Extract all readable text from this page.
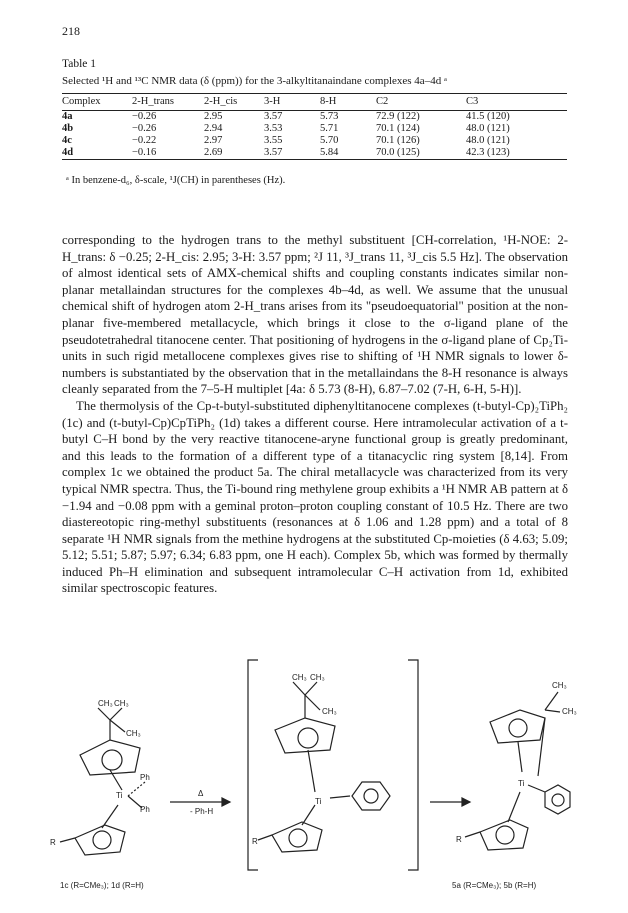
218
Table 1
Selected ¹H and ¹³C NMR data (δ (ppm)) for the 3-alkyltitanaindane complexes 4a–4d ᵃ
Complex	2-H_trans	2-H_cis	3-H	8-H	C2	C3
4a	−0.26	2.95	3.57	5.73	72.9 (122)	41.5 (120)
4b	−0.26	2.94	3.53	5.71	70.1 (124)	48.0 (121)
4c	−0.22	2.97	3.55	5.70	70.1 (126)	48.0 (121)
4d	−0.16	2.69	3.57	5.84	70.0 (125)	42.3 (123)
ᵃ In benzene-d₆, δ-scale, ¹J(CH) in parentheses (Hz).

corresponding to the hydrogen trans to the methyl substituent [CH-correlation, ¹H-NOE: 2-H_trans: δ −0.25; 2-H_cis: 2.95; 3-H: 3.57 ppm; ²J 11, ³J_trans 11, ³J_cis 5.5 Hz]. The observation of almost identical sets of AMX-chemical shifts and coupling constants indicates similar non-planar metallaindan structures for the complexes 4b–4d, as well. We assume that the unusual chemical shift of hydrogen atom 2-H_trans arises from its "pseudoequatorial" position at the non-planar five-membered metallacycle, which brings it close to the σ-ligand plane of the pseudotetrahedral titanocene center. That positioning of hydrogens in the σ-ligand plane of Cp₂Ti-units in such rigid metallocene complexes gives rise to shifting of ¹H NMR signals to lower δ-numbers is substantiated by the observation that in the metallaindans the 8-H resonance is always cleanly separated from the 7–5-H multiplet [4a: δ 5.73 (8-H), 6.87–7.02 (7-H, 6-H, 5-H)].

The thermolysis of the Cp-t-butyl-substituted diphenyltitanocene complexes (t-butyl-Cp)₂TiPh₂ (1c) and (t-butyl-Cp)CpTiPh₂ (1d) takes a different course. Here intramolecular activation of a t-butyl C–H bond by the very reactive titanocene-aryne functional group is greatly predominant, and this leads to the formation of a different type of a titanacyclic ring system [8,14]. From complex 1c we obtained the product 5a. The chiral metallacycle was characterized from its very typical NMR spectra. Thus, the Ti-bound ring methylene group exhibits a ¹H NMR AB pattern at δ −1.94 and −0.08 ppm with a geminal proton–proton coupling constant of 10.5 Hz. There are two diastereotopic ring-methyl substituents (resonances at δ 1.06 and 1.28 ppm) and a total of 8 separate ¹H NMR signals from the methine hydrogens at the substituted Cp-moieties (δ 4.63; 5.09; 5.12; 5.51; 5.87; 5.97; 6.34; 6.83 ppm, one H each). Complex 5b, which was formed by thermally induced Ph–H elimination and subsequent intramolecular C–H activation from 1d, exhibited similar spectroscopic features.

CH₃ CH₃
CH₃
Ph
Ti
Ph
R
Δ
- Ph-H
CH₃ CH₃
CH₃
Ti
R
CH₃
CH₃
Ti
R
1c (R=CMe₃); 1d (R=H)	5a (R=CMe₃); 5b (R=H)
